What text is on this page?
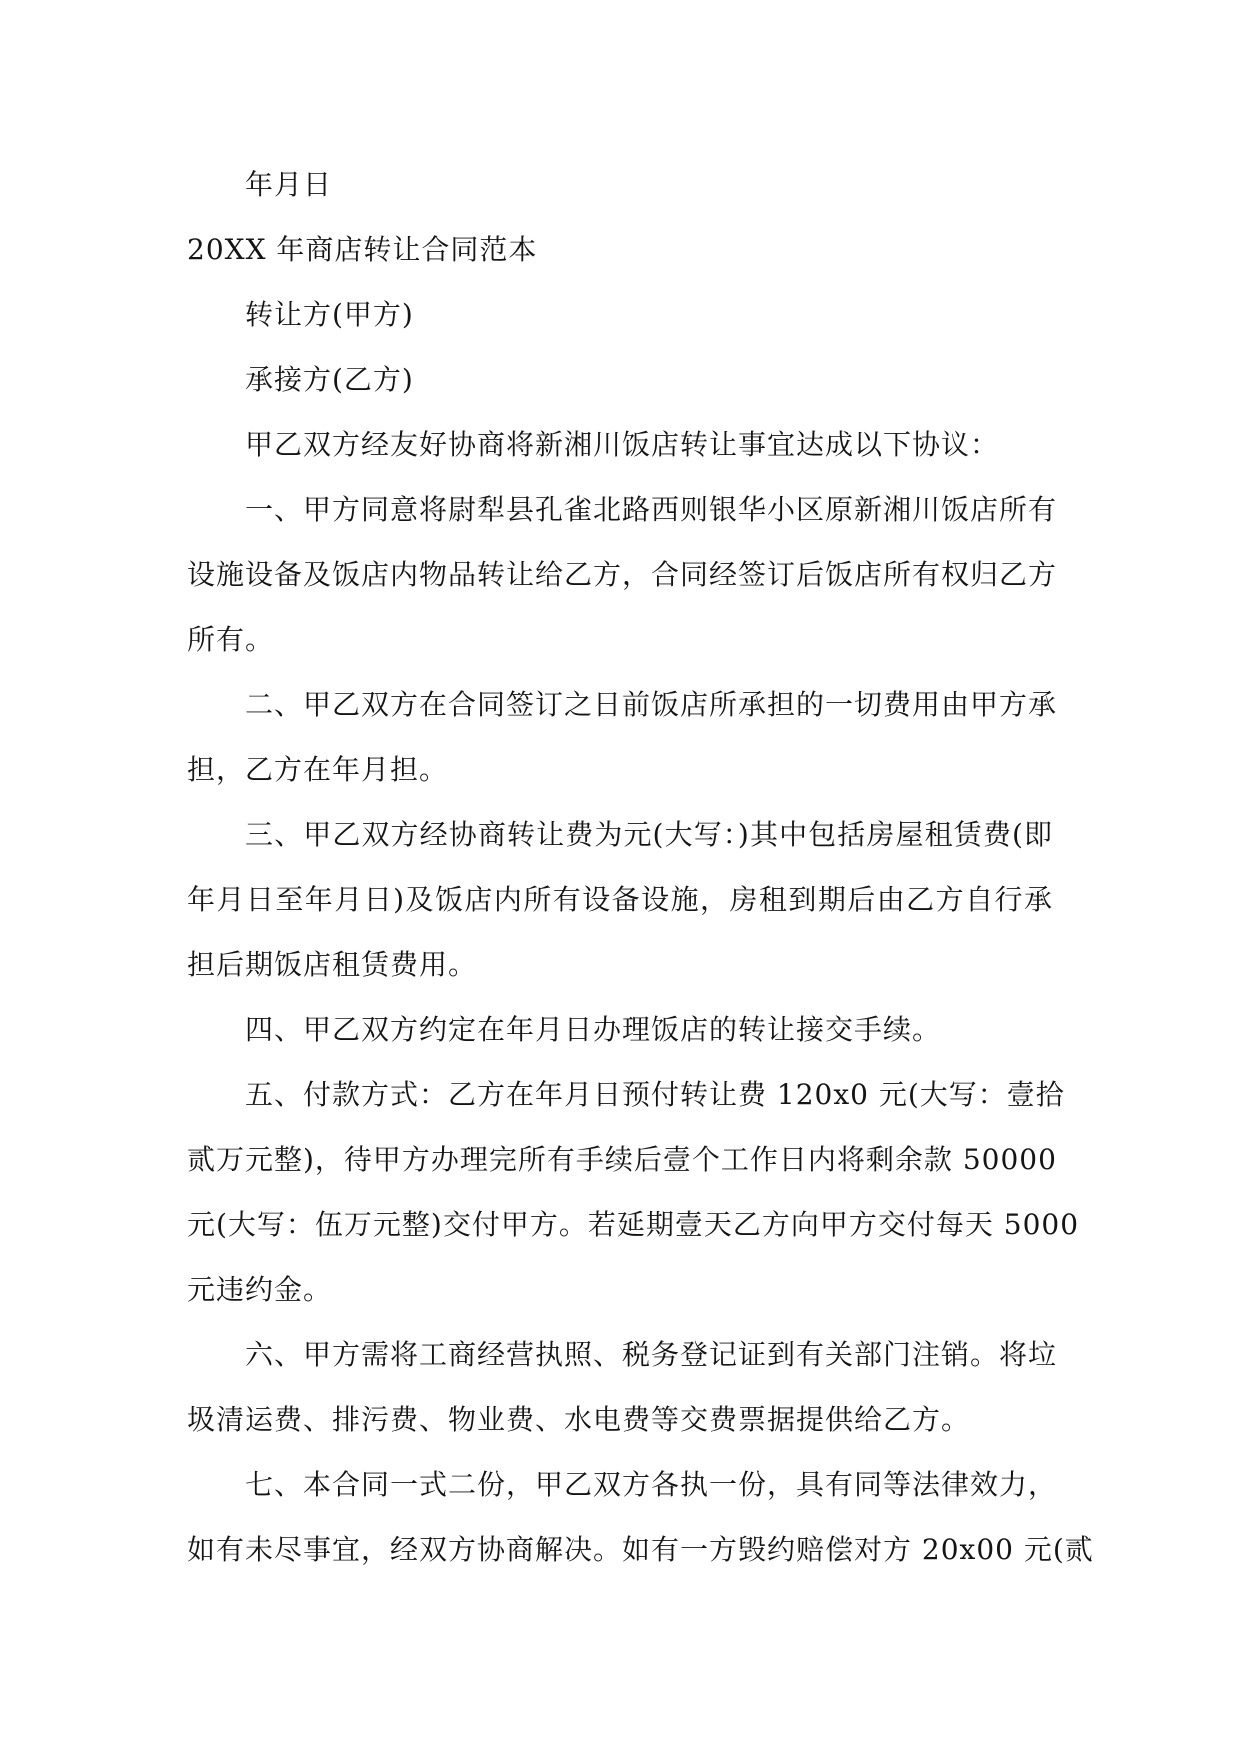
年月日
20XX 年商店转让合同范本
转让方(甲方)
承接方(乙方)
甲乙双方经友好协商将新湘川饭店转让事宜达成以下协议：
一、甲方同意将尉犁县孔雀北路西则银华小区原新湘川饭店所有
设施设备及饭店内物品转让给乙方，合同经签订后饭店所有权归乙方
所有。
二、甲乙双方在合同签订之日前饭店所承担的一切费用由甲方承
担，乙方在年月担。
三、甲乙双方经协商转让费为元(大写：)其中包括房屋租赁费(即
年月日至年月日)及饭店内所有设备设施，房租到期后由乙方自行承
担后期饭店租赁费用。
四、甲乙双方约定在年月日办理饭店的转让接交手续。
五、付款方式：乙方在年月日预付转让费 120x0 元(大写：壹拾
贰万元整)，待甲方办理完所有手续后壹个工作日内将剩余款 50000
元(大写：伍万元整)交付甲方。若延期壹天乙方向甲方交付每天 5000
元违约金。
六、甲方需将工商经营执照、税务登记证到有关部门注销。将垃
圾清运费、排污费、物业费、水电费等交费票据提供给乙方。
七、本合同一式二份，甲乙双方各执一份，具有同等法律效力，
如有未尽事宜，经双方协商解决。如有一方毁约赔偿对方 20x00 元(贰
